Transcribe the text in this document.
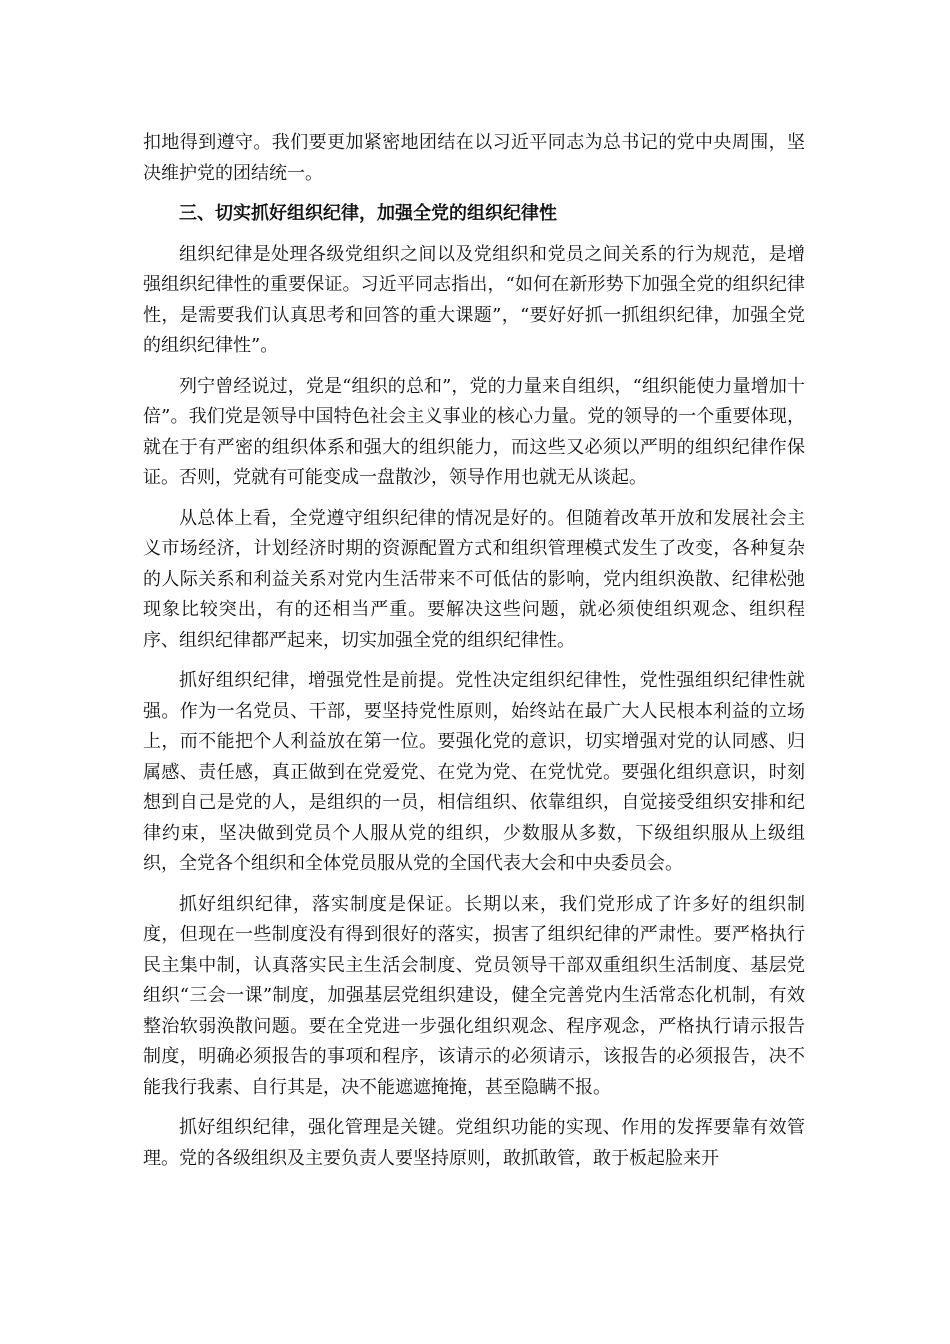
扣地得到遵守。我们要更加紧密地团结在以习近平同志为总书记的党中央周围，坚决维护党的团结统一。

三、切实抓好组织纪律，加强全党的组织纪律性

组织纪律是处理各级党组织之间以及党组织和党员之间关系的行为规范，是增强组织纪律性的重要保证。习近平同志指出，“如何在新形势下加强全党的组织纪律性，是需要我们认真思考和回答的重大课题”，“要好好抓一抓组织纪律，加强全党的组织纪律性”。

列宁曾经说过，党是“组织的总和”，党的力量来自组织，“组织能使力量增加十倍”。我们党是领导中国特色社会主义事业的核心力量。党的领导的一个重要体现，就在于有严密的组织体系和强大的组织能力，而这些又必须以严明的组织纪律作保证。否则，党就有可能变成一盘散沙，领导作用也就无从谈起。

从总体上看，全党遵守组织纪律的情况是好的。但随着改革开放和发展社会主义市场经济，计划经济时期的资源配置方式和组织管理模式发生了改变，各种复杂的人际关系和利益关系对党内生活带来不可低估的影响，党内组织涣散、纪律松弛现象比较突出，有的还相当严重。要解决这些问题，就必须使组织观念、组织程序、组织纪律都严起来，切实加强全党的组织纪律性。

抓好组织纪律，增强党性是前提。党性决定组织纪律性，党性强组织纪律性就强。作为一名党员、干部，要坚持党性原则，始终站在最广大人民根本利益的立场上，而不能把个人利益放在第一位。要强化党的意识，切实增强对党的认同感、归属感、责任感，真正做到在党爱党、在党为党、在党忧党。要强化组织意识，时刻想到自己是党的人，是组织的一员，相信组织、依靠组织，自觉接受组织安排和纪律约束，坚决做到党员个人服从党的组织，少数服从多数，下级组织服从上级组织，全党各个组织和全体党员服从党的全国代表大会和中央委员会。

抓好组织纪律，落实制度是保证。长期以来，我们党形成了许多好的组织制度，但现在一些制度没有得到很好的落实，损害了组织纪律的严肃性。要严格执行民主集中制，认真落实民主生活会制度、党员领导干部双重组织生活制度、基层党组织“三会一课”制度，加强基层党组织建设，健全完善党内生活常态化机制，有效整治软弱涣散问题。要在全党进一步强化组织观念、程序观念，严格执行请示报告制度，明确必须报告的事项和程序，该请示的必须请示，该报告的必须报告，决不能我行我素、自行其是，决不能遮遮掩掩，甚至隐瞒不报。

抓好组织纪律，强化管理是关键。党组织功能的实现、作用的发挥要靠有效管理。党的各级组织及主要负责人要坚持原则，敢抓敢管，敢于板起脸来开
